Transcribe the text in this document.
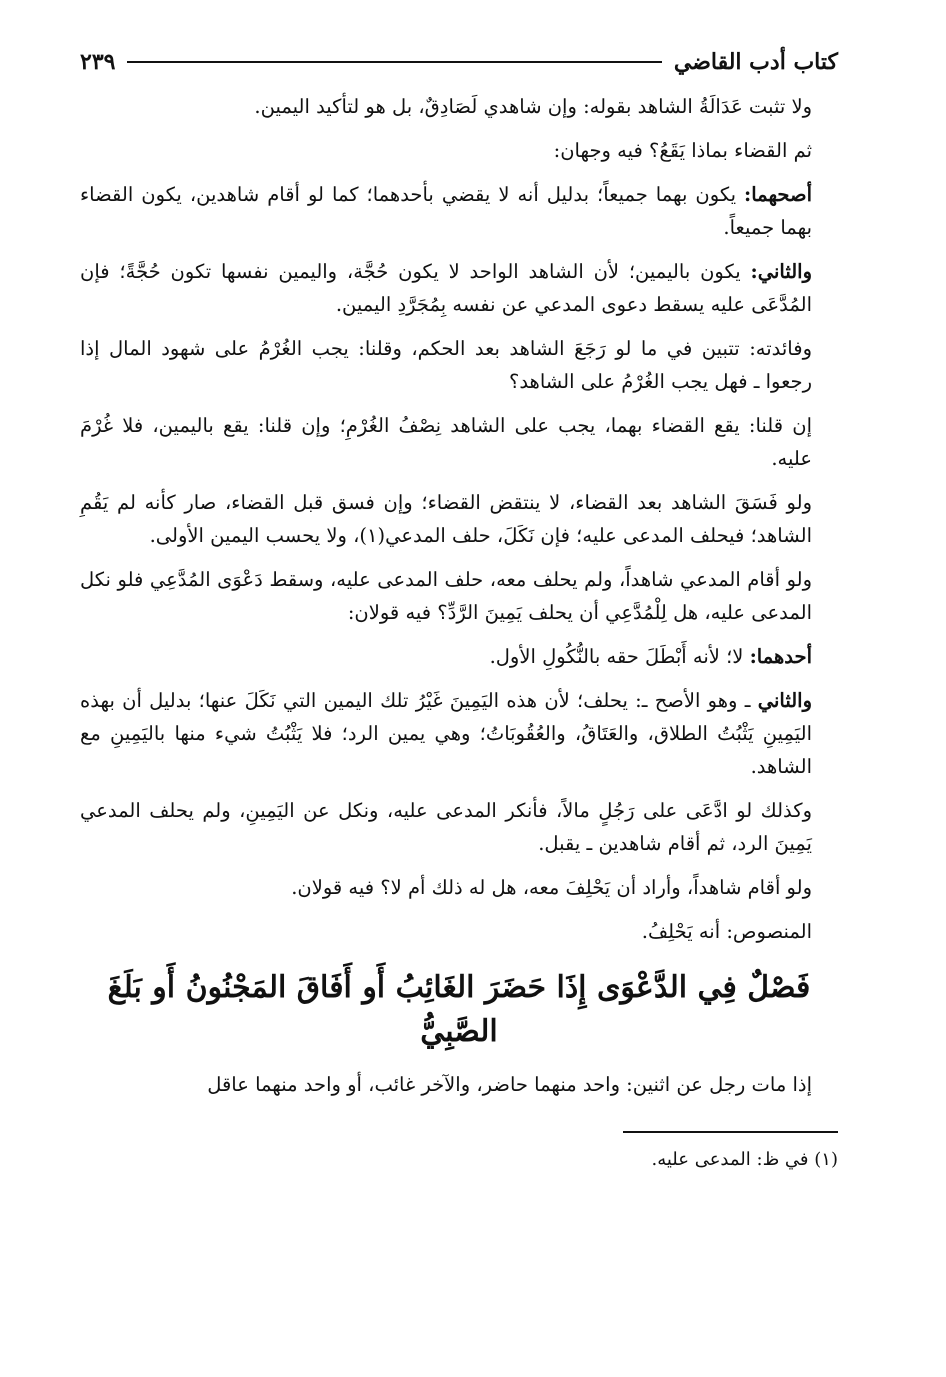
كتاب أدب القاضي
٢٣٩

ولا تثبت عَدَالَةُ الشاهد بقوله: وإن شاهدي لَصَادِقٌ، بل هو لتأكيد اليمين.

ثم القضاء بماذا يَقَعُ؟ فيه وجهان:

أصحهما: يكون بهما جميعاً؛ بدليل أنه لا يقضي بأحدهما؛ كما لو أقام شاهدين، يكون القضاء بهما جميعاً.

والثاني: يكون باليمين؛ لأن الشاهد الواحد لا يكون حُجَّة، واليمين نفسها تكون حُجَّةً؛ فإن المُدَّعَى عليه يسقط دعوى المدعي عن نفسه بِمُجَرَّدِ اليمين.

وفائدته: تتبين في ما لو رَجَعَ الشاهد بعد الحكم، وقلنا: يجب الغُرْمُ على شهود المال إذا رجعوا ـ فهل يجب الغُرْمُ على الشاهد؟

إن قلنا: يقع القضاء بهما، يجب على الشاهد نِصْفُ الغُرْمِ؛ وإن قلنا: يقع باليمين، فلا غُرْمَ عليه.

ولو فَسَقَ الشاهد بعد القضاء، لا ينتقض القضاء؛ وإن فسق قبل القضاء، صار كأنه لم يَقُمِ الشاهد؛ فيحلف المدعى عليه؛ فإن نَكَلَ، حلف المدعي(١)، ولا يحسب اليمين الأولى.

ولو أقام المدعي شاهداً، ولم يحلف معه، حلف المدعى عليه، وسقط دَعْوَى المُدَّعِي فلو نكل المدعى عليه، هل لِلْمُدَّعِي أن يحلف يَمِينَ الرَّدِّ؟ فيه قولان:

أحدهما: لا؛ لأنه أَبْطَلَ حقه بالنُّكُولِ الأول.

والثاني ـ وهو الأصح ـ: يحلف؛ لأن هذه اليَمِينَ غَيْرُ تلك اليمين التي نَكَلَ عنها؛ بدليل أن بهذه اليَمِينِ يَثْبُتُ الطلاق، والعَتَاقُ، والعُقُوبَاتُ؛ وهي يمين الرد؛ فلا يَثْبُتُ شيء منها باليَمِينِ مع الشاهد.

وكذلك لو ادَّعَى على رَجُلٍ مالاً، فأنكر المدعى عليه، ونكل عن اليَمِينِ، ولم يحلف المدعي يَمِينَ الرد، ثم أقام شاهدين ـ يقبل.

ولو أقام شاهداً، وأراد أن يَحْلِفَ معه، هل له ذلك أم لا؟ فيه قولان.

المنصوص: أنه يَحْلِفُ.

فَصْلٌ فِي الدَّعْوَى إِذَا حَضَرَ الغَائِبُ أَو أَفَاقَ المَجْنُونُ أَو بَلَغَ الصَّبِيُّ

إذا مات رجل عن اثنين: واحد منهما حاضر، والآخر غائب، أو واحد منهما عاقل

(١) في ظ: المدعى عليه.
